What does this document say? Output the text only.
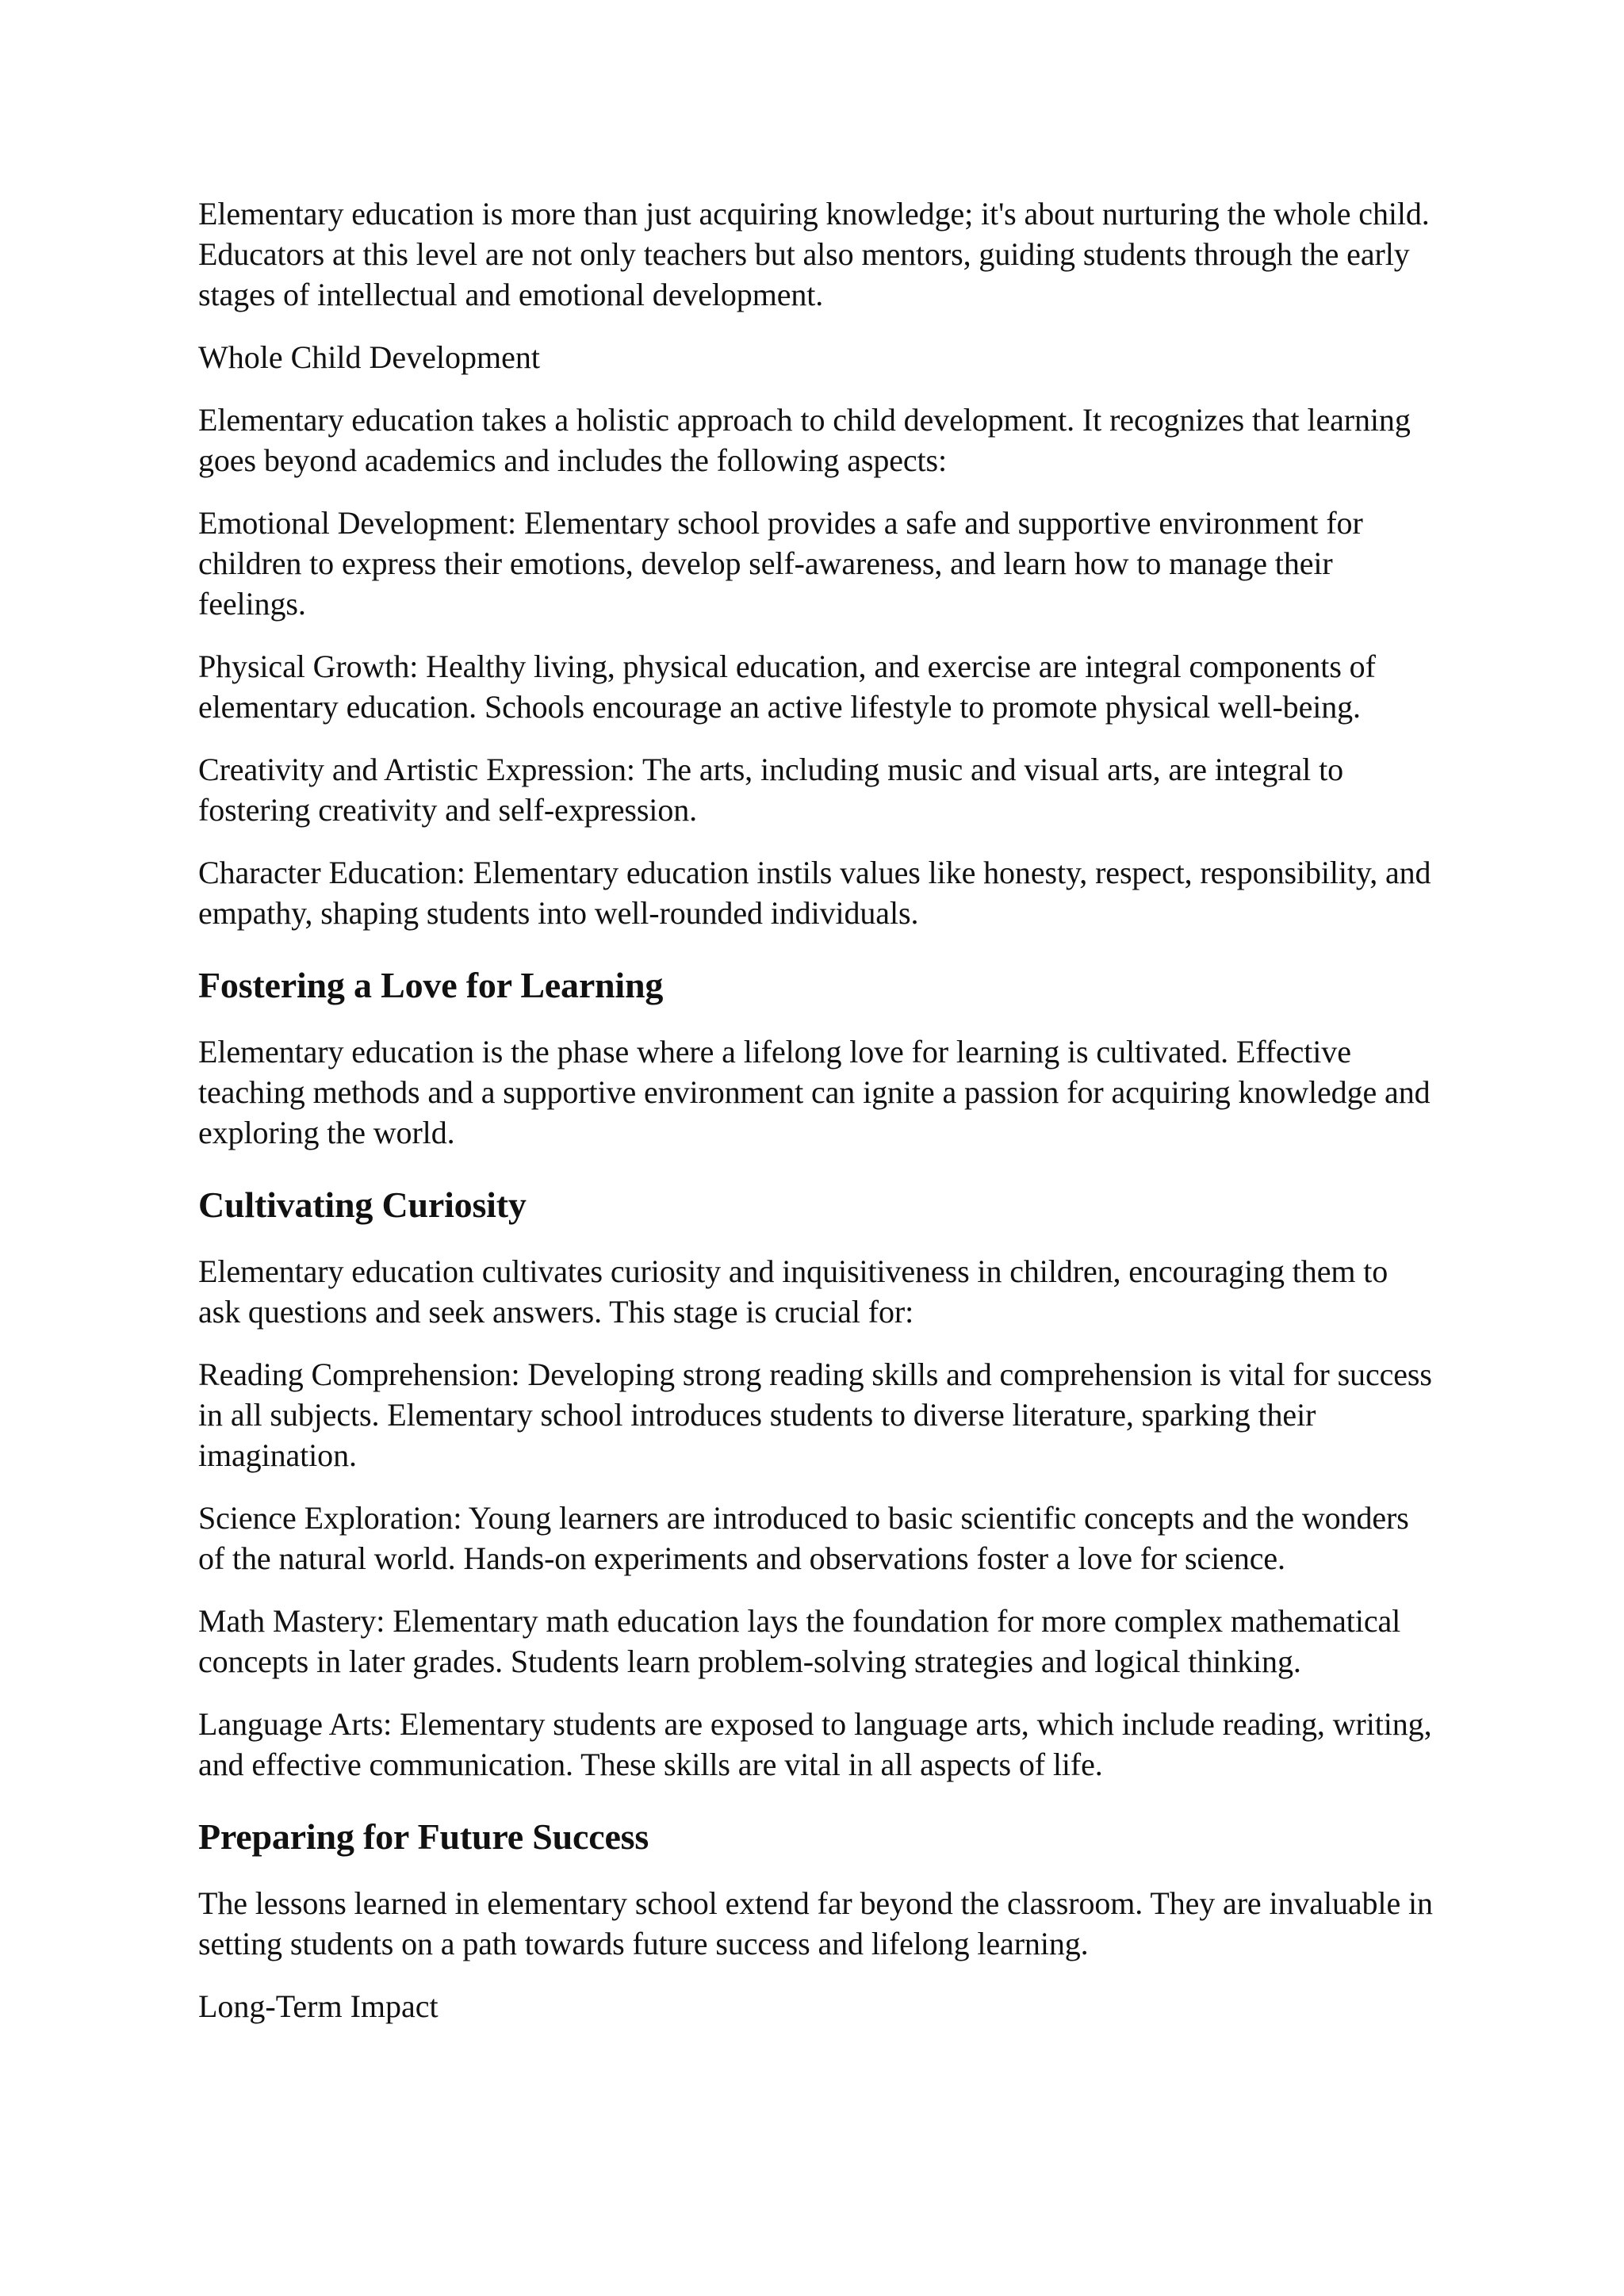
Elementary education is more than just acquiring knowledge; it's about nurturing the whole child. Educators at this level are not only teachers but also mentors, guiding students through the early stages of intellectual and emotional development.

Whole Child Development

Elementary education takes a holistic approach to child development. It recognizes that learning goes beyond academics and includes the following aspects:

Emotional Development: Elementary school provides a safe and supportive environment for children to express their emotions, develop self-awareness, and learn how to manage their feelings.

Physical Growth: Healthy living, physical education, and exercise are integral components of elementary education. Schools encourage an active lifestyle to promote physical well-being.

Creativity and Artistic Expression: The arts, including music and visual arts, are integral to fostering creativity and self-expression.

Character Education: Elementary education instils values like honesty, respect, responsibility, and empathy, shaping students into well-rounded individuals.

Fostering a Love for Learning

Elementary education is the phase where a lifelong love for learning is cultivated. Effective teaching methods and a supportive environment can ignite a passion for acquiring knowledge and exploring the world.

Cultivating Curiosity

Elementary education cultivates curiosity and inquisitiveness in children, encouraging them to ask questions and seek answers. This stage is crucial for:

Reading Comprehension: Developing strong reading skills and comprehension is vital for success in all subjects. Elementary school introduces students to diverse literature, sparking their imagination.

Science Exploration: Young learners are introduced to basic scientific concepts and the wonders of the natural world. Hands-on experiments and observations foster a love for science.

Math Mastery: Elementary math education lays the foundation for more complex mathematical concepts in later grades. Students learn problem-solving strategies and logical thinking.

Language Arts: Elementary students are exposed to language arts, which include reading, writing, and effective communication. These skills are vital in all aspects of life.

Preparing for Future Success

The lessons learned in elementary school extend far beyond the classroom. They are invaluable in setting students on a path towards future success and lifelong learning.

Long-Term Impact
